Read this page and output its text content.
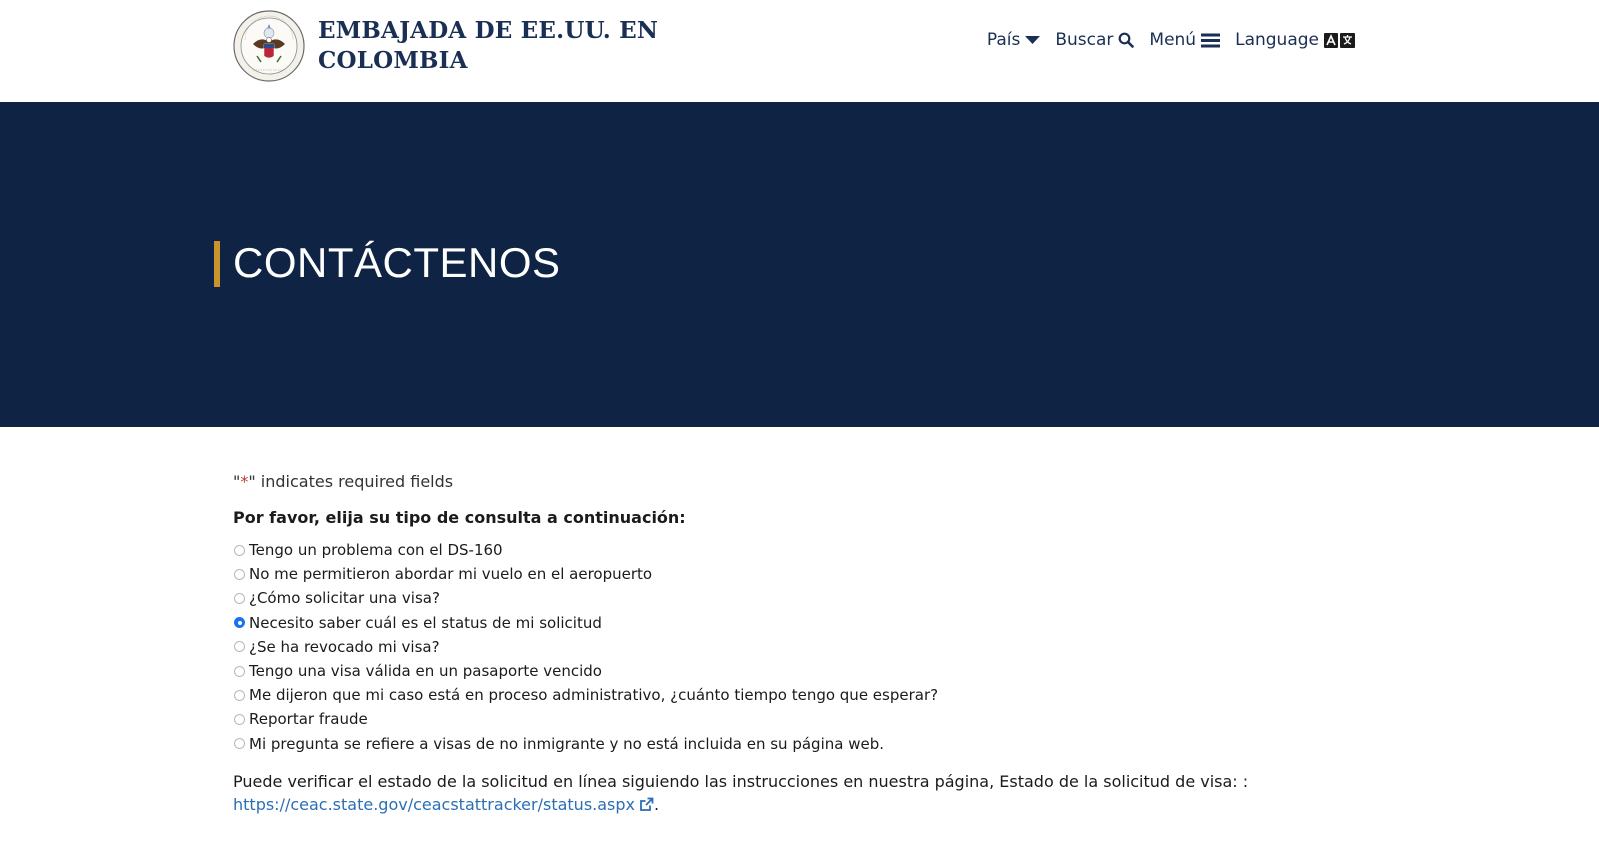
EMBAJADA DE EE.UU. EN
COLOMBIA
País Buscar Menú Language
CONTÁCTENOS
"*" indicates required fields
Por favor, elija su tipo de consulta a continuación:
Tengo un problema con el DS-160
No me permitieron abordar mi vuelo en el aeropuerto
¿Cómo solicitar una visa?
Necesito saber cuál es el status de mi solicitud
¿Se ha revocado mi visa?
Tengo una visa válida en un pasaporte vencido
Me dijeron que mi caso está en proceso administrativo, ¿cuánto tiempo tengo que esperar?
Reportar fraude
Mi pregunta se refiere a visas de no inmigrante y no está incluida en su página web.
Puede verificar el estado de la solicitud en línea siguiendo las instrucciones en nuestra página, Estado de la solicitud de visa: :
https://ceac.state.gov/ceacstattracker/status.aspx .
